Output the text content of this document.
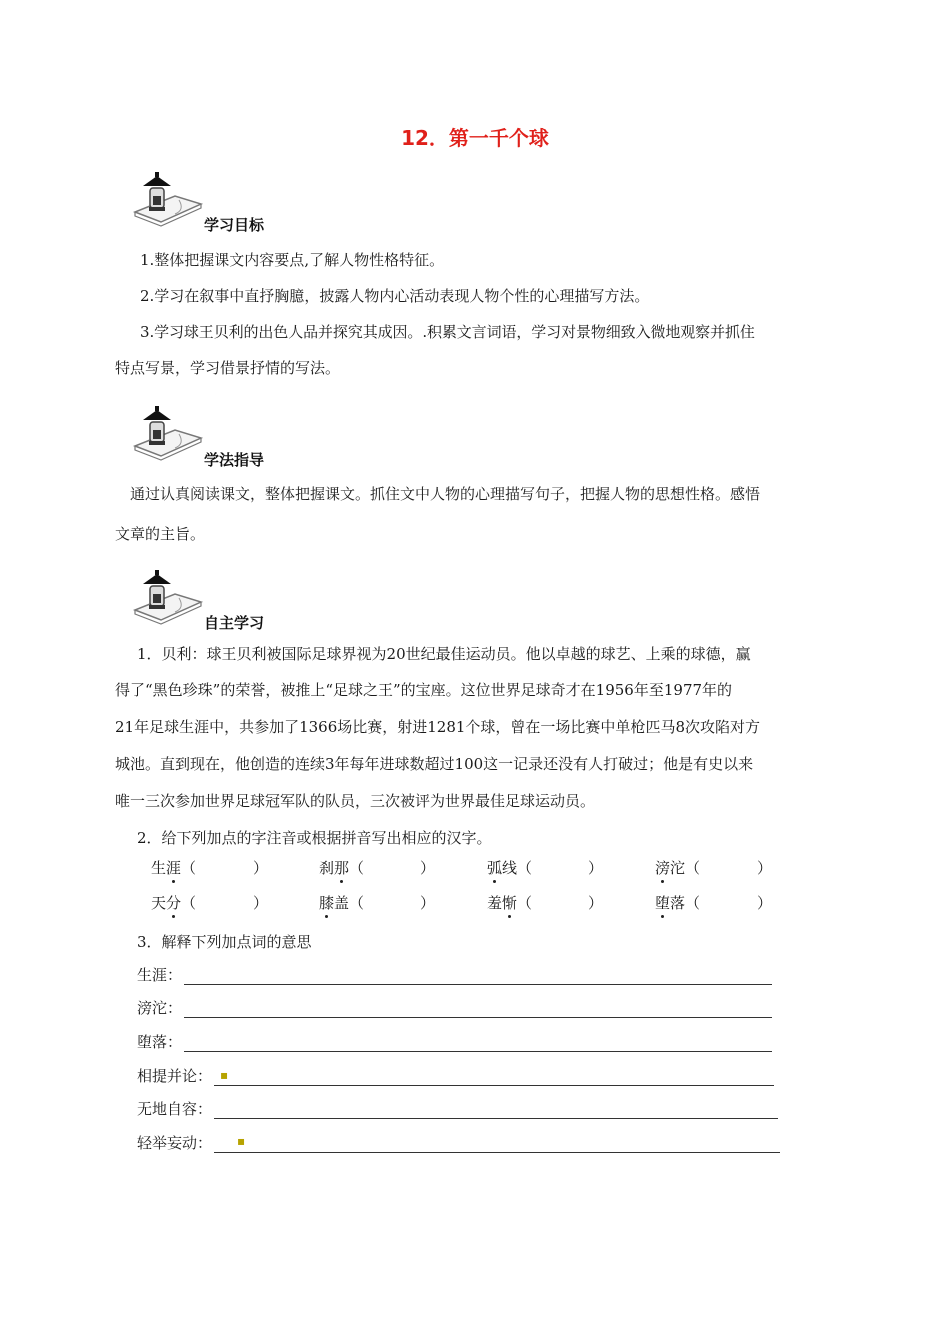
12．第一千个球
学习目标

1.整体把握课文内容要点,了解人物性格特征。

2.学习在叙事中直抒胸臆，披露人物内心活动表现人物个性的心理描写方法。

3.学习球王贝利的出色人品并探究其成因。.积累文言词语，学习对景物细致入微地观察并抓住

特点写景，学习借景抒情的写法。

学法指导

通过认真阅读课文，整体把握课文。抓住文中人物的心理描写句子，把握人物的思想性格。感悟

文章的主旨。

自主学习

1．贝利：球王贝利被国际足球界视为20世纪最佳运动员。他以卓越的球艺、上乘的球德，赢

得了“黑色珍珠”的荣誉，被推上“足球之王”的宝座。这位世界足球奇才在1956年至1977年的

21年足球生涯中，共参加了1366场比赛，射进1281个球，曾在一场比赛中单枪匹马8次攻陷对方

城池。直到现在，他创造的连续3年每年进球数超过100这一记录还没有人打破过；他是有史以来

唯一三次参加世界足球冠军队的队员，三次被评为世界最佳足球运动员。

2．给下列加点的字注音或根据拼音写出相应的汉字。
生涯（	）	刹那（	）	弧线（	）	滂沱（	）
天分（	）	膝盖（	）	羞惭（	）	堕落（	）
3．解释下列加点词的意思
生涯：
滂沱：
堕落：
相提并论：
无地自容：
轻举妄动：
▪
▪
